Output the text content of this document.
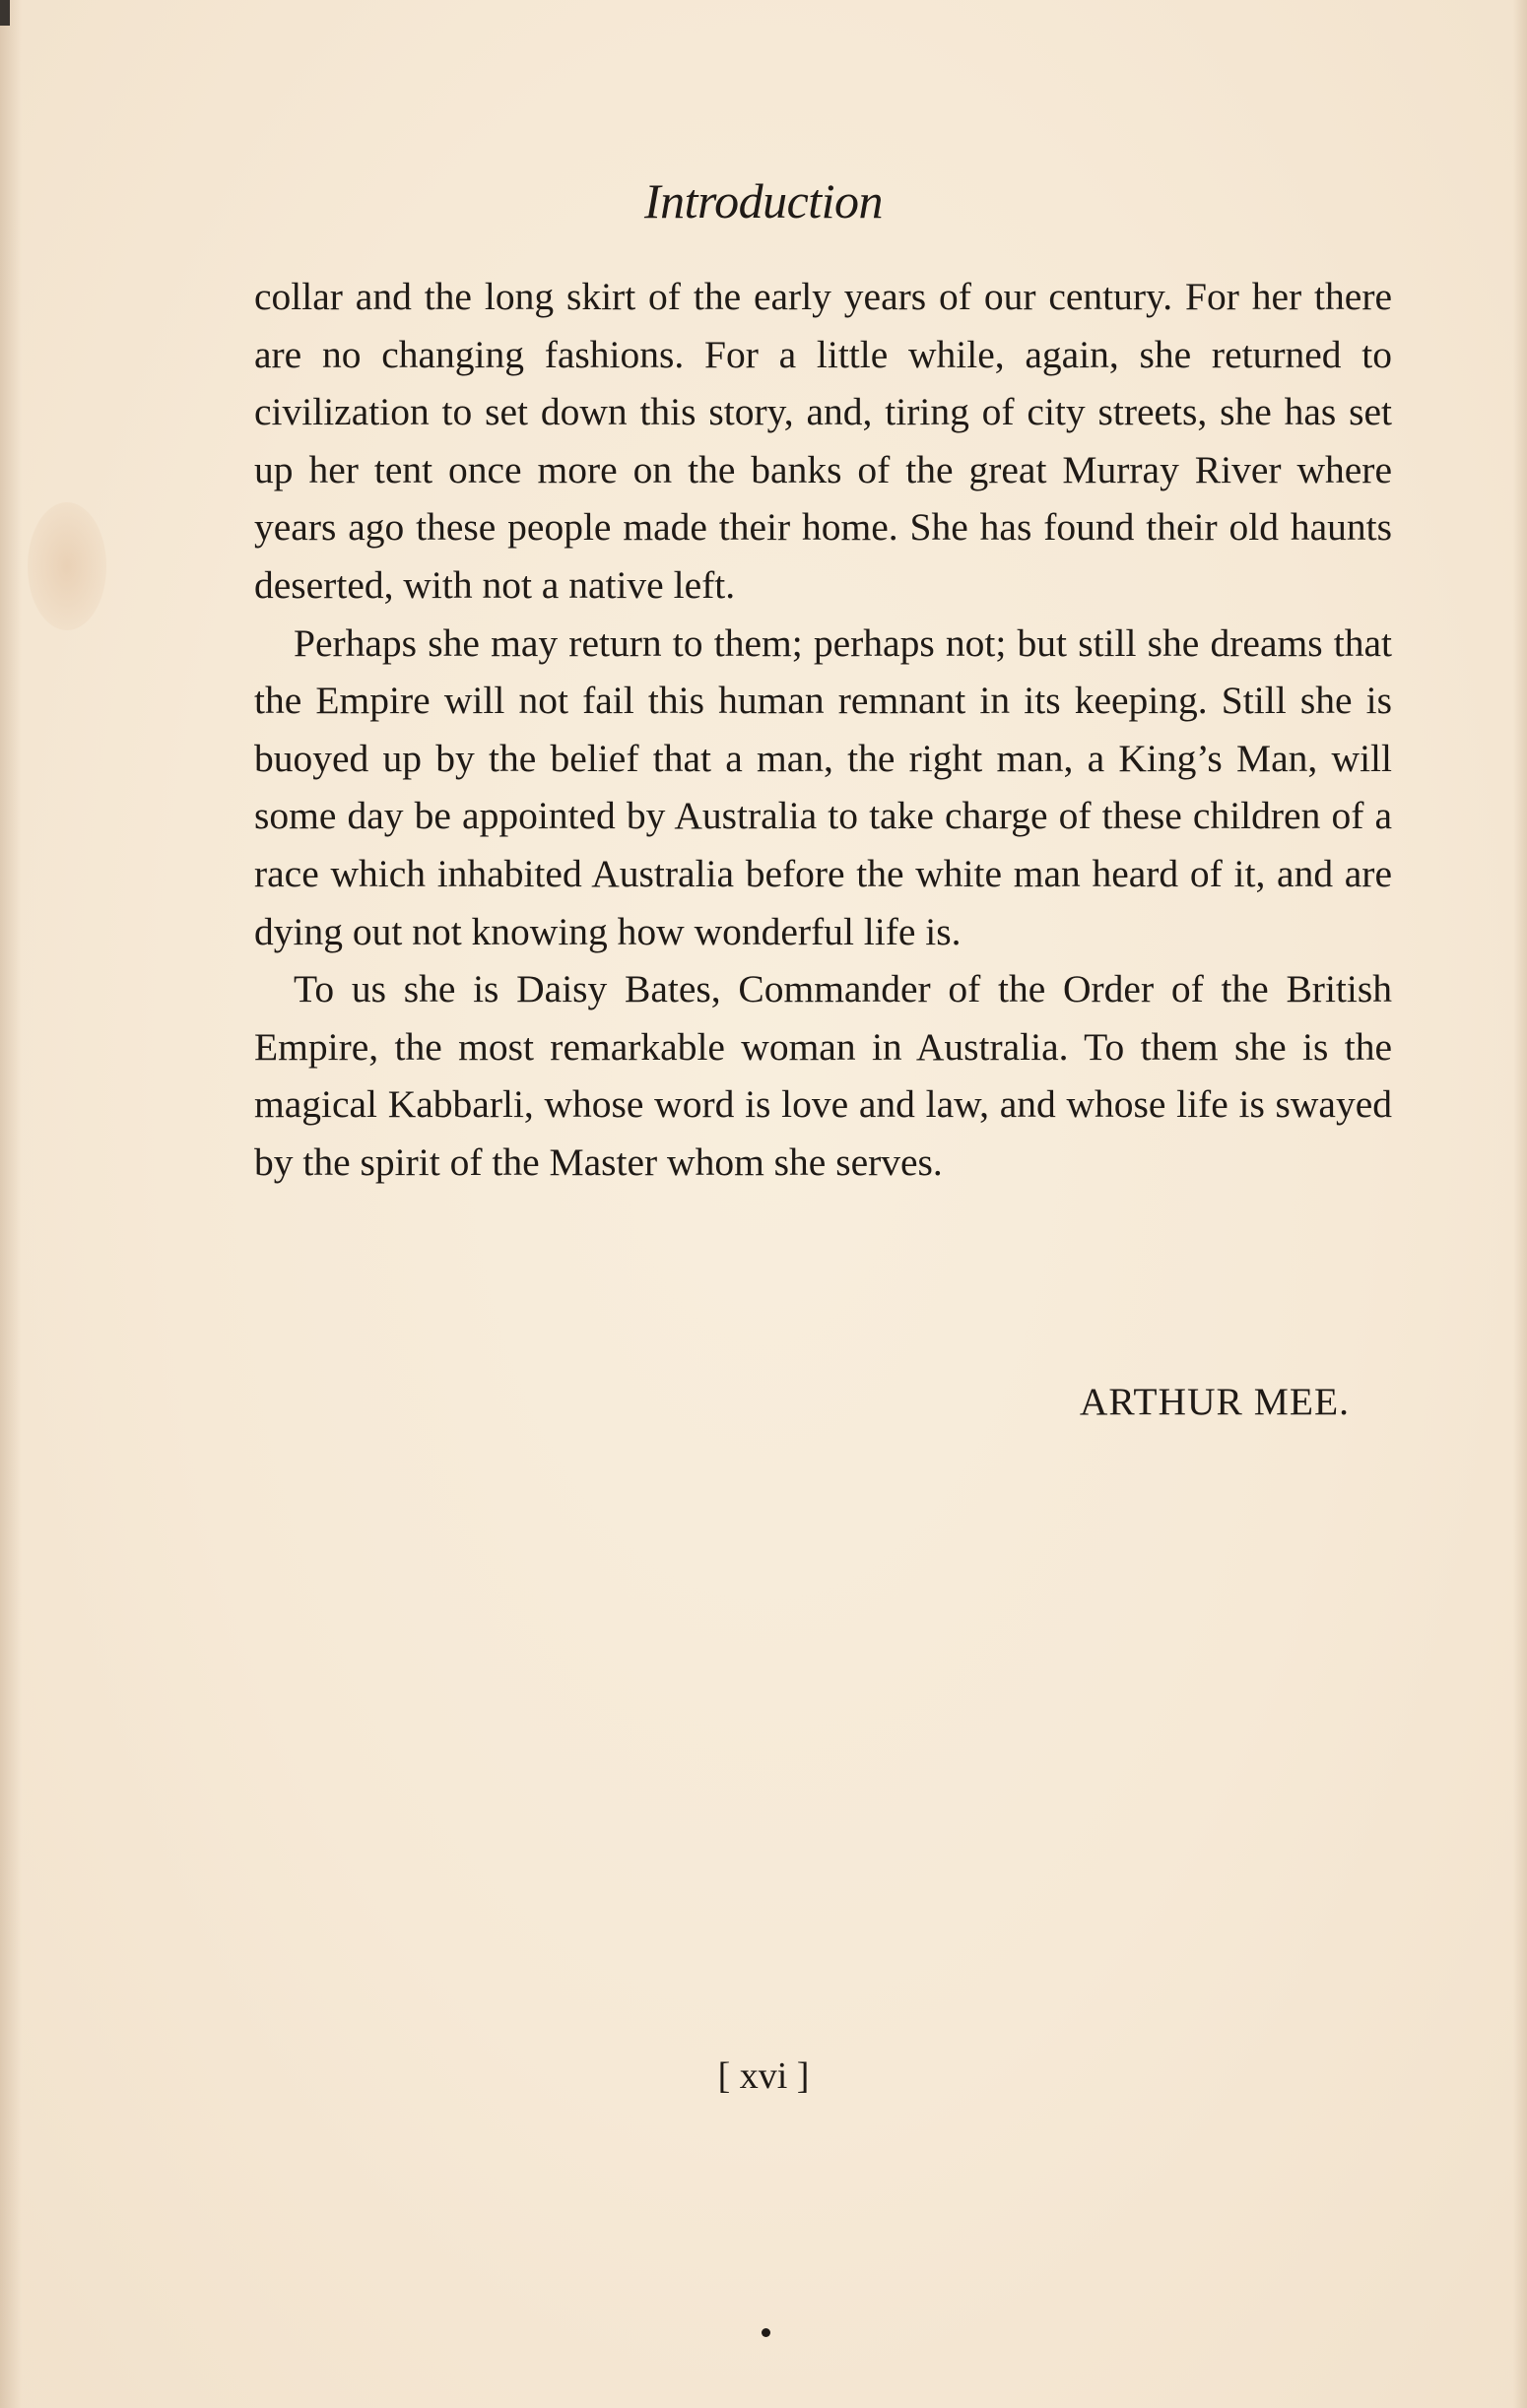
Introduction

collar and the long skirt of the early years of our century. For her there are no changing fashions. For a little while, again, she returned to civilization to set down this story, and, tiring of city streets, she has set up her tent once more on the banks of the great Murray River where years ago these people made their home. She has found their old haunts deserted, with not a native left.

Perhaps she may return to them; perhaps not; but still she dreams that the Empire will not fail this human remnant in its keeping. Still she is buoyed up by the belief that a man, the right man, a King’s Man, will some day be appointed by Australia to take charge of these children of a race which inhabited Australia before the white man heard of it, and are dying out not knowing how wonderful life is.

To us she is Daisy Bates, Commander of the Order of the British Empire, the most remarkable woman in Australia. To them she is the magical Kabbarli, whose word is love and law, and whose life is swayed by the spirit of the Master whom she serves.

ARTHUR MEE.
[ xvi ]
